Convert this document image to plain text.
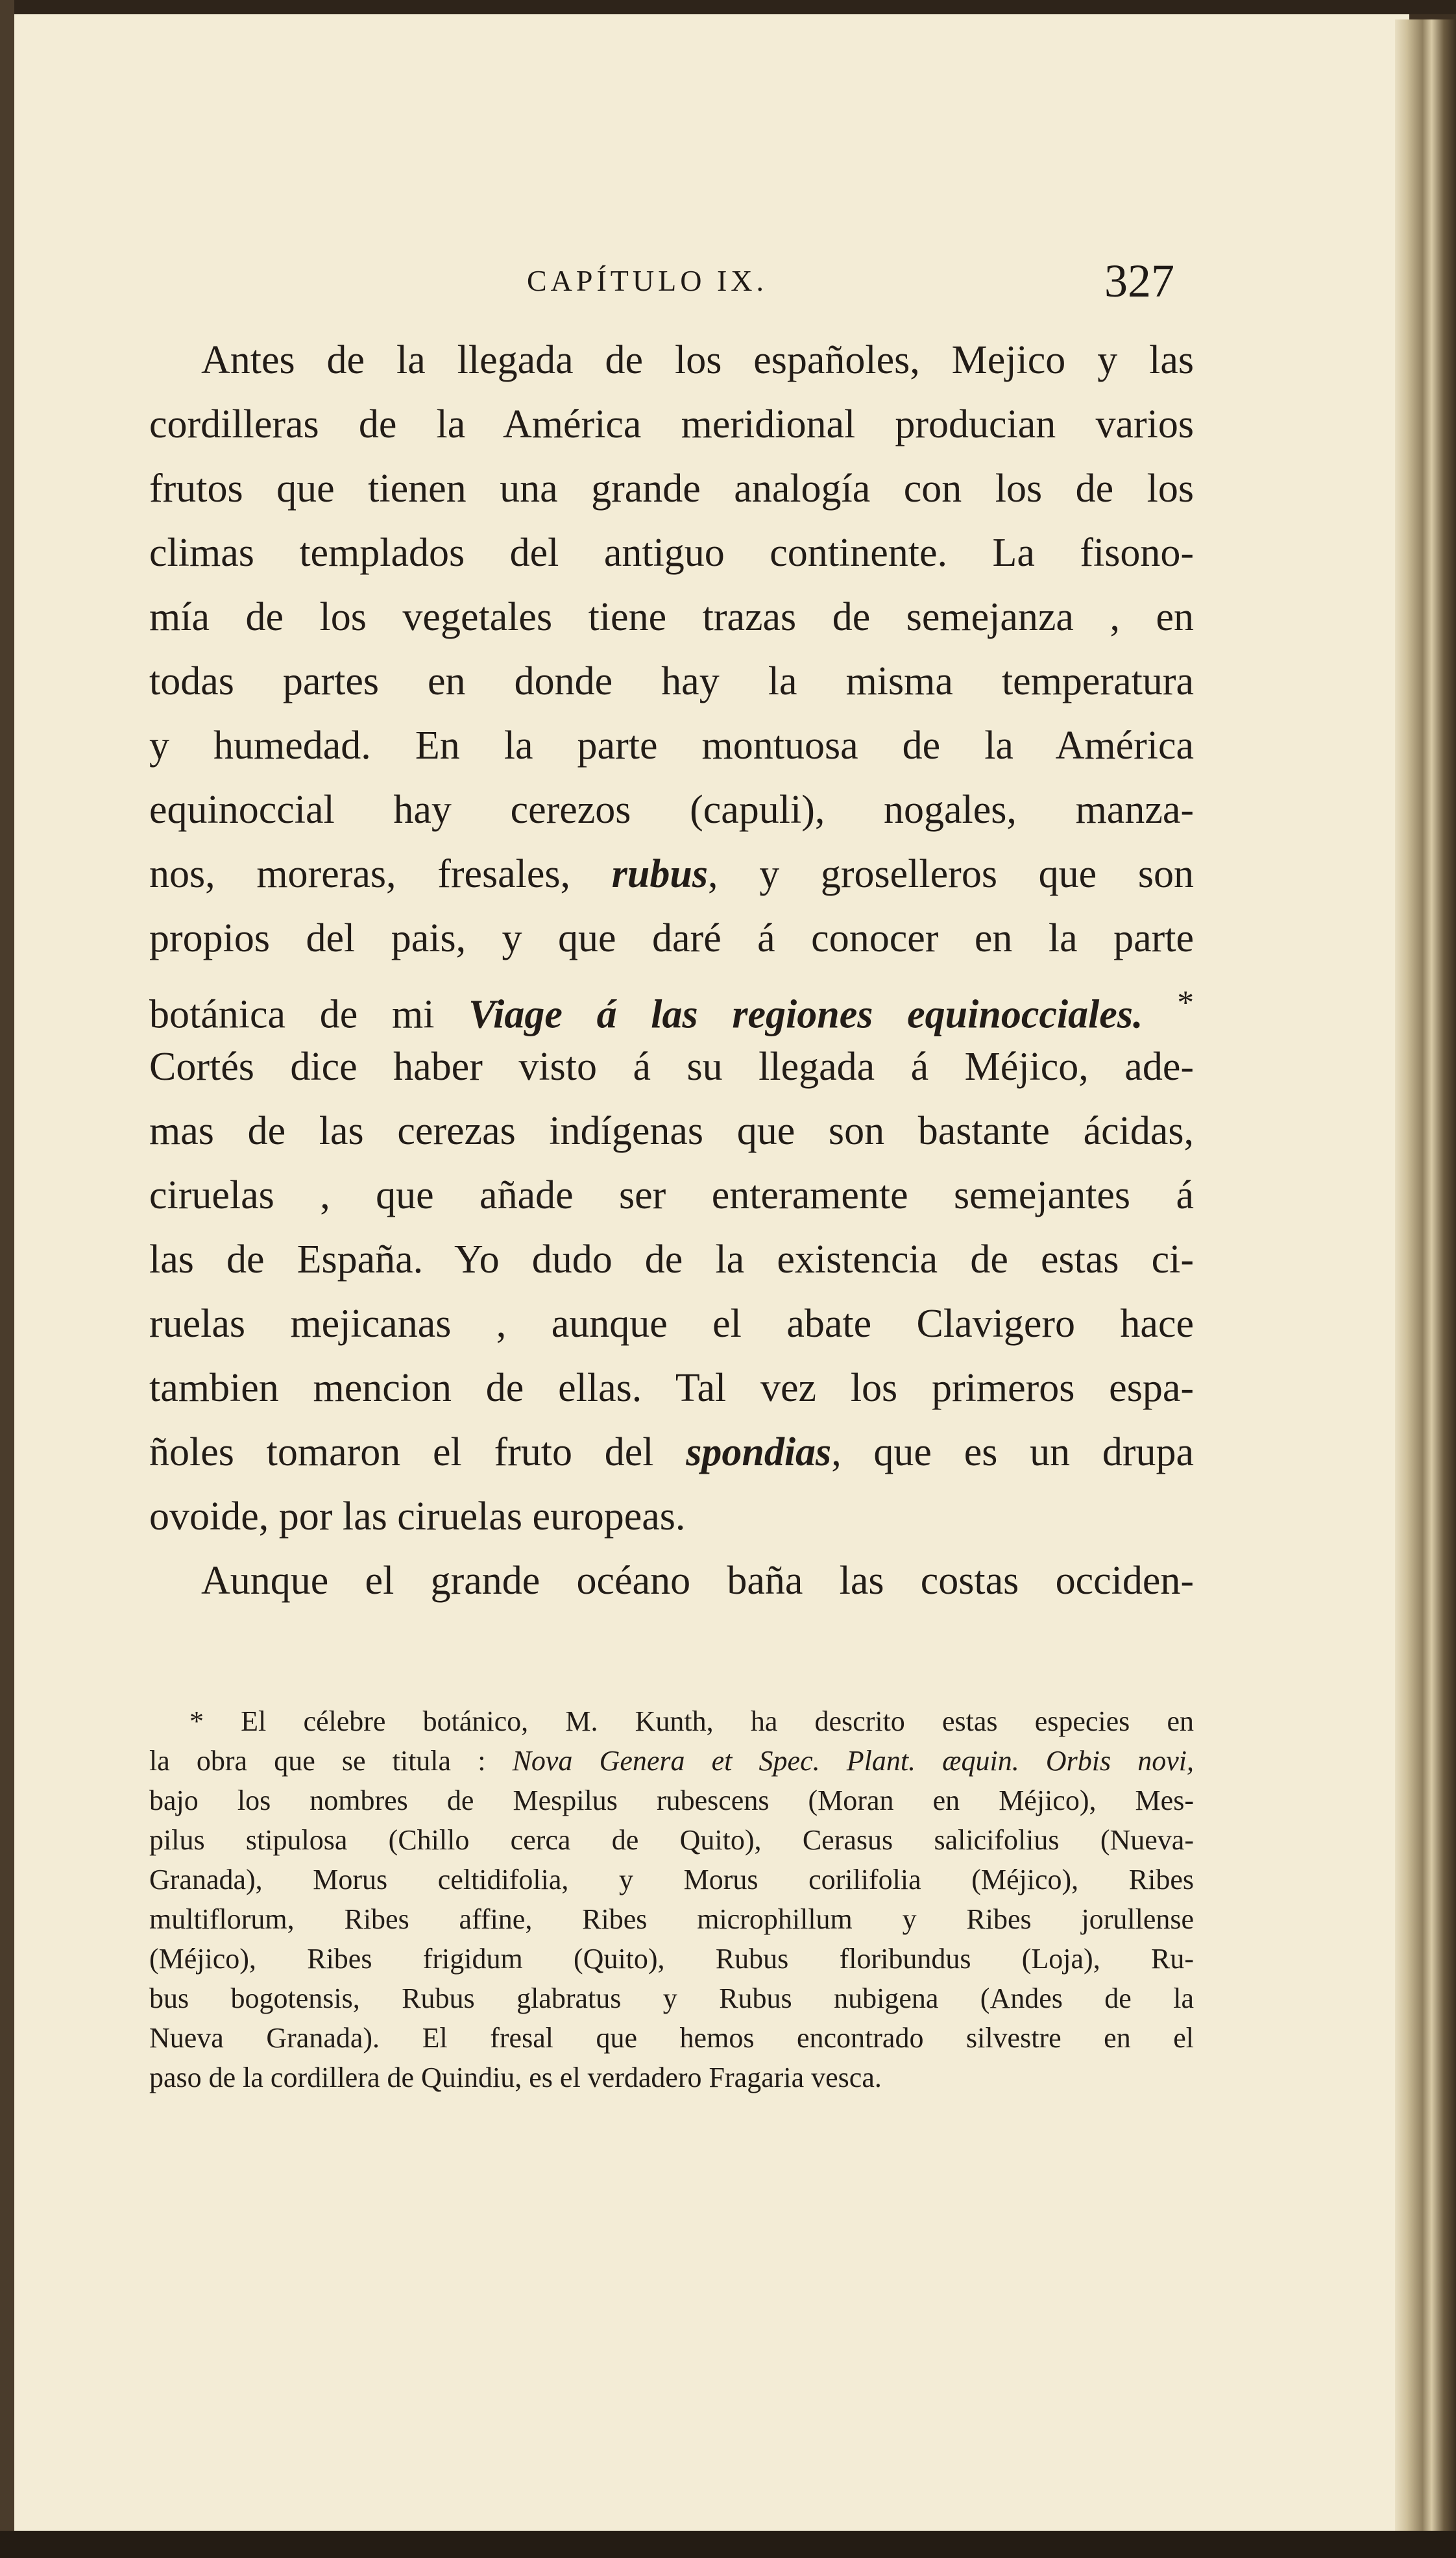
CAPÍTULO IX.	327
Antes de la llegada de los españoles, Mejico y las
cordilleras de la América meridional producian varios
frutos que tienen una grande analogía con los de los
climas templados del antiguo continente. La fisono-
mía de los vegetales tiene trazas de semejanza , en
todas partes en donde hay la misma temperatura
y humedad. En la parte montuosa de la América
equinoccial hay cerezos (capuli), nogales, manza-
nos, moreras, fresales, rubus, y groselleros que son
propios del pais, y que daré á conocer en la parte
botánica de mi Viage á las regiones equinocciales. *
Cortés dice haber visto á su llegada á Méjico, ade-
mas de las cerezas indígenas que son bastante ácidas,
ciruelas , que añade ser enteramente semejantes á
las de España. Yo dudo de la existencia de estas ci-
ruelas mejicanas , aunque el abate Clavigero hace
tambien mencion de ellas. Tal vez los primeros espa-
ñoles tomaron el fruto del spondias, que es un drupa
ovoide, por las ciruelas europeas.
Aunque el grande océano baña las costas occiden-
* El célebre botánico, M. Kunth, ha descrito estas especies en
la obra que se titula : Nova Genera et Spec. Plant. æquin. Orbis novi,
bajo los nombres de Mespilus rubescens (Moran en Méjico), Mes-
pilus stipulosa (Chillo cerca de Quito), Cerasus salicifolius (Nueva-
Granada), Morus celtidifolia, y Morus corilifolia (Méjico), Ribes
multiflorum, Ribes affine, Ribes microphillum y Ribes jorullense
(Méjico), Ribes frigidum (Quito), Rubus floribundus (Loja), Ru-
bus bogotensis, Rubus glabratus y Rubus nubigena (Andes de la
Nueva Granada). El fresal que hemos encontrado silvestre en el
paso de la cordillera de Quindiu, es el verdadero Fragaria vesca.
